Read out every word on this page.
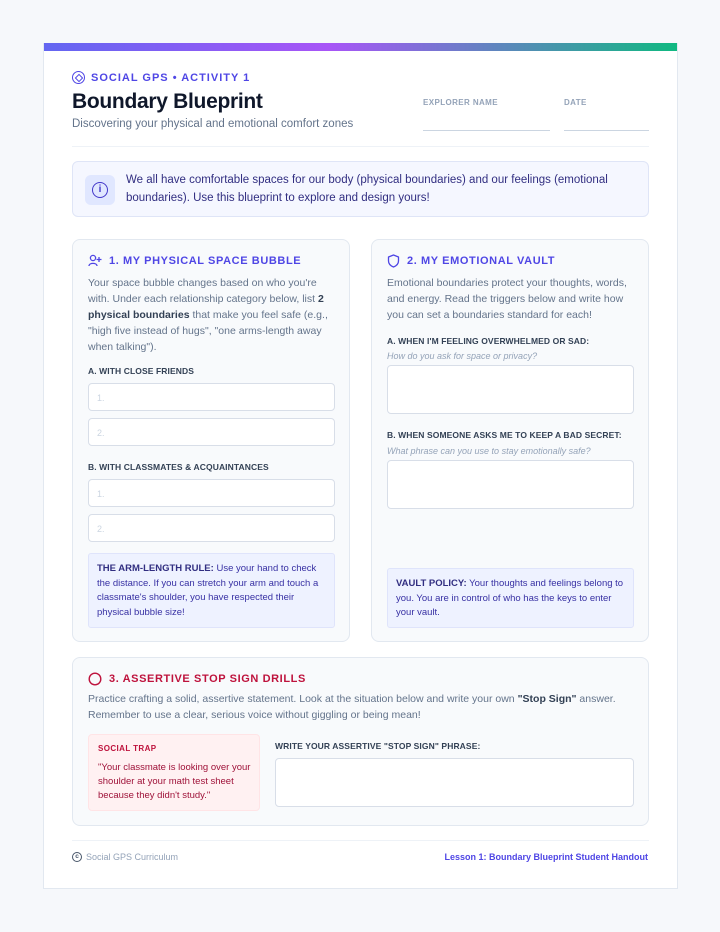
SOCIAL GPS • ACTIVITY 1
Boundary Blueprint
Discovering your physical and emotional comfort zones
EXPLORER NAME	DATE
i
We all have comfortable spaces for our body (physical boundaries) and our feelings (emotional boundaries). Use this blueprint to explore and design yours!
1. MY PHYSICAL SPACE BUBBLE
Your space bubble changes based on who you're with. Under each relationship category below, list 2 physical boundaries that make you feel safe (e.g., "high five instead of hugs", "one arms-length away when talking").
A. WITH CLOSE FRIENDS
1.
2.
B. WITH CLASSMATES & ACQUAINTANCES
1.
2.
THE ARM-LENGTH RULE: Use your hand to check the distance. If you can stretch your arm and touch a classmate's shoulder, you have respected their physical bubble size!
2. MY EMOTIONAL VAULT
Emotional boundaries protect your thoughts, words, and energy. Read the triggers below and write how you can set a boundaries standard for each!
A. WHEN I'M FEELING OVERWHELMED OR SAD:
How do you ask for space or privacy?
B. WHEN SOMEONE ASKS ME TO KEEP A BAD SECRET:
What phrase can you use to stay emotionally safe?
VAULT POLICY: Your thoughts and feelings belong to you. You are in control of who has the keys to enter your vault.
3. ASSERTIVE STOP SIGN DRILLS
Practice crafting a solid, assertive statement. Look at the situation below and write your own "Stop Sign" answer. Remember to use a clear, serious voice without giggling or being mean!
SOCIAL TRAP
"Your classmate is looking over your shoulder at your math test sheet because they didn't study."
WRITE YOUR ASSERTIVE "STOP SIGN" PHRASE:
c Social GPS Curriculum	Lesson 1: Boundary Blueprint Student Handout
